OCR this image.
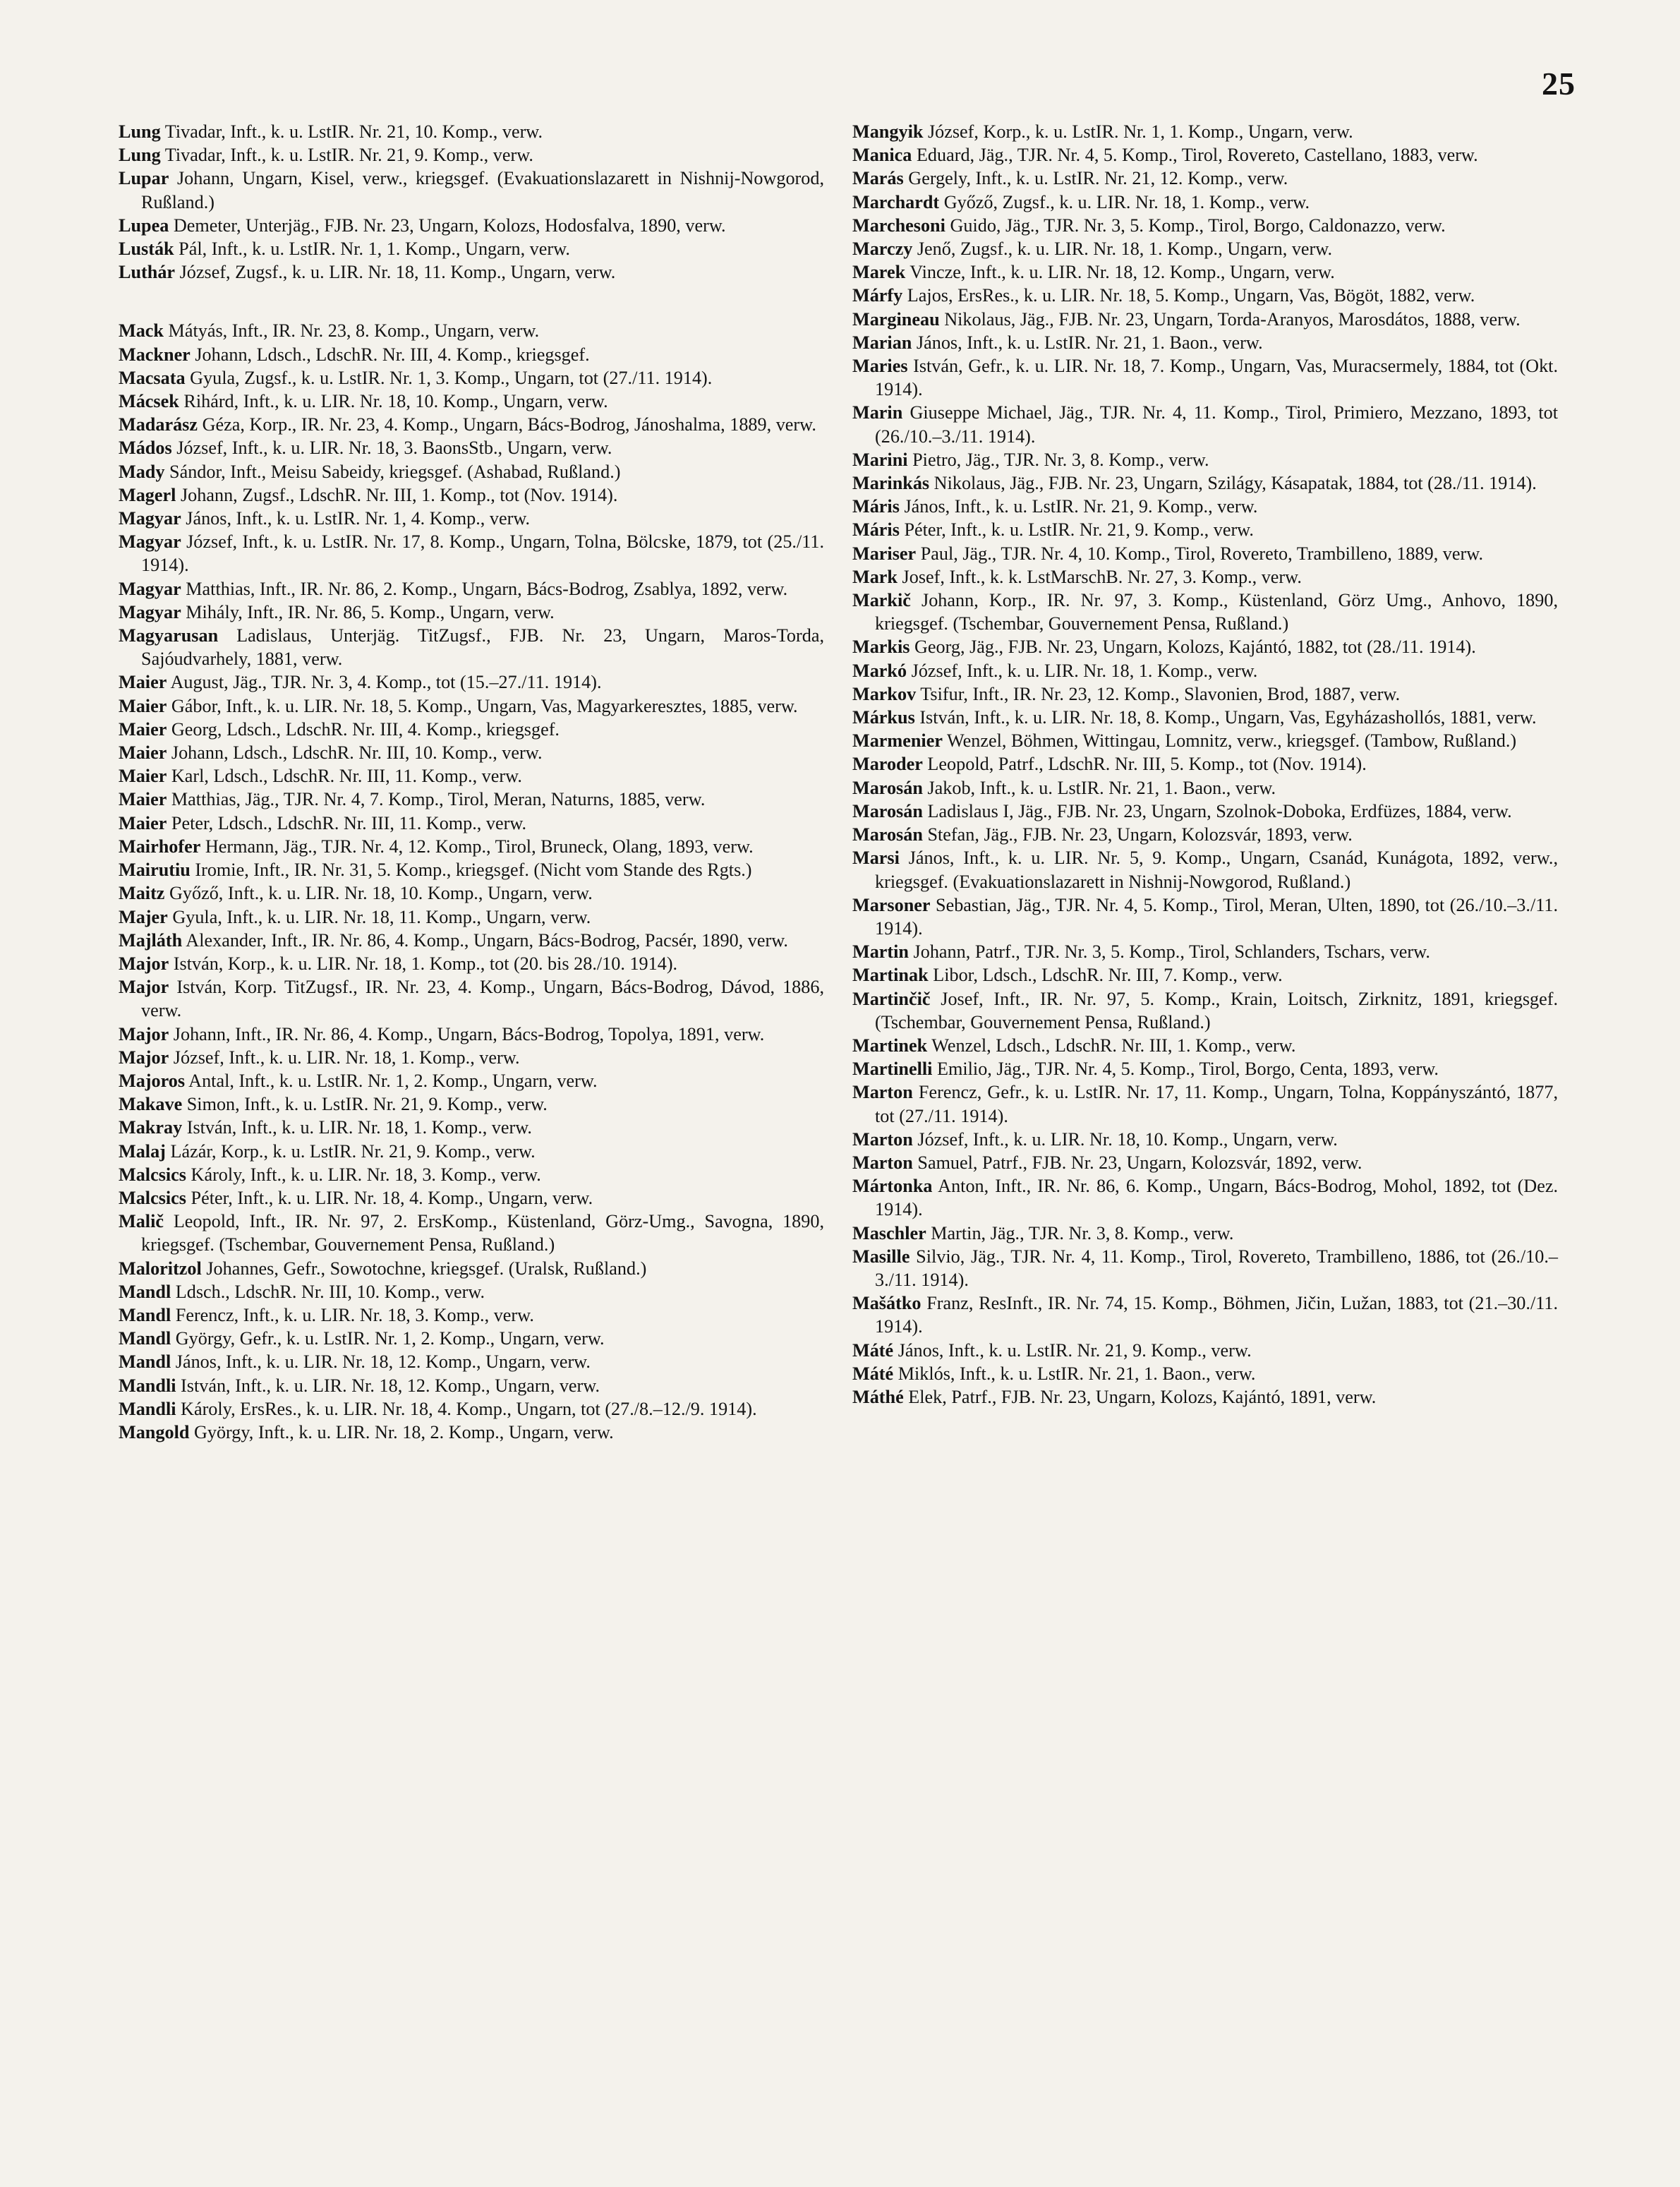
25
Lung Tivadar, Inft., k. u. LstIR. Nr. 21, 10. Komp., verw.
Lung Tivadar, Inft., k. u. LstIR. Nr. 21, 9. Komp., verw.
Lupar Johann, Ungarn, Kisel, verw., kriegsgef. (Evakuationslazarett in Nishnij-Nowgorod, Rußland.)
Lupea Demeter, Unterjäg., FJB. Nr. 23, Ungarn, Kolozs, Hodosfalva, 1890, verw.
Lusták Pál, Inft., k. u. LstIR. Nr. 1, 1. Komp., Ungarn, verw.
Luthár József, Zugsf., k. u. LIR. Nr. 18, 11. Komp., Ungarn, verw.
Mack Mátyás, Inft., IR. Nr. 23, 8. Komp., Ungarn, verw.
Mackner Johann, Ldsch., LdschR. Nr. III, 4. Komp., kriegsgef.
Macsata Gyula, Zugsf., k. u. LstIR. Nr. 1, 3. Komp., Ungarn, tot (27./11. 1914).
Mácsek Rihárd, Inft., k. u. LIR. Nr. 18, 10. Komp., Ungarn, verw.
Madarász Géza, Korp., IR. Nr. 23, 4. Komp., Ungarn, Bács-Bodrog, Jánoshalma, 1889, verw.
Mádos József, Inft., k. u. LIR. Nr. 18, 3. BaonsStb., Ungarn, verw.
Mady Sándor, Inft., Meisu Sabeidy, kriegsgef. (Ashabad, Rußland.)
Magerl Johann, Zugsf., LdschR. Nr. III, 1. Komp., tot (Nov. 1914).
Magyar János, Inft., k. u. LstIR. Nr. 1, 4. Komp., verw.
Magyar József, Inft., k. u. LstIR. Nr. 17, 8. Komp., Ungarn, Tolna, Bölcske, 1879, tot (25./11. 1914).
Magyar Matthias, Inft., IR. Nr. 86, 2. Komp., Ungarn, Bács-Bodrog, Zsablya, 1892, verw.
Magyar Mihály, Inft., IR. Nr. 86, 5. Komp., Ungarn, verw.
Magyarusan Ladislaus, Unterjäg. TitZugsf., FJB. Nr. 23, Ungarn, Maros-Torda, Sajóudvarhely, 1881, verw.
Maier August, Jäg., TJR. Nr. 3, 4. Komp., tot (15.–27./11. 1914).
Maier Gábor, Inft., k. u. LIR. Nr. 18, 5. Komp., Ungarn, Vas, Magyarkeresztes, 1885, verw.
Maier Georg, Ldsch., LdschR. Nr. III, 4. Komp., kriegsgef.
Maier Johann, Ldsch., LdschR. Nr. III, 10. Komp., verw.
Maier Karl, Ldsch., LdschR. Nr. III, 11. Komp., verw.
Maier Matthias, Jäg., TJR. Nr. 4, 7. Komp., Tirol, Meran, Naturns, 1885, verw.
Maier Peter, Ldsch., LdschR. Nr. III, 11. Komp., verw.
Mairhofer Hermann, Jäg., TJR. Nr. 4, 12. Komp., Tirol, Bruneck, Olang, 1893, verw.
Mairutiu Iromie, Inft., IR. Nr. 31, 5. Komp., kriegsgef. (Nicht vom Stande des Rgts.)
Maitz Győző, Inft., k. u. LIR. Nr. 18, 10. Komp., Ungarn, verw.
Majer Gyula, Inft., k. u. LIR. Nr. 18, 11. Komp., Ungarn, verw.
Majláth Alexander, Inft., IR. Nr. 86, 4. Komp., Ungarn, Bács-Bodrog, Pacsér, 1890, verw.
Major István, Korp., k. u. LIR. Nr. 18, 1. Komp., tot (20. bis 28./10. 1914).
Major István, Korp. TitZugsf., IR. Nr. 23, 4. Komp., Ungarn, Bács-Bodrog, Dávod, 1886, verw.
Major Johann, Inft., IR. Nr. 86, 4. Komp., Ungarn, Bács-Bodrog, Topolya, 1891, verw.
Major József, Inft., k. u. LIR. Nr. 18, 1. Komp., verw.
Majoros Antal, Inft., k. u. LstIR. Nr. 1, 2. Komp., Ungarn, verw.
Makave Simon, Inft., k. u. LstIR. Nr. 21, 9. Komp., verw.
Makray István, Inft., k. u. LIR. Nr. 18, 1. Komp., verw.
Malaj Lázár, Korp., k. u. LstIR. Nr. 21, 9. Komp., verw.
Malcsics Károly, Inft., k. u. LIR. Nr. 18, 3. Komp., verw.
Malcsics Péter, Inft., k. u. LIR. Nr. 18, 4. Komp., Ungarn, verw.
Malič Leopold, Inft., IR. Nr. 97, 2. ErsKomp., Küstenland, Görz-Umg., Savogna, 1890, kriegsgef. (Tschembar, Gouvernement Pensa, Rußland.)
Maloritzol Johannes, Gefr., Sowotochne, kriegsgef. (Uralsk, Rußland.)
Mandl Ldsch., LdschR. Nr. III, 10. Komp., verw.
Mandl Ferencz, Inft., k. u. LIR. Nr. 18, 3. Komp., verw.
Mandl György, Gefr., k. u. LstIR. Nr. 1, 2. Komp., Ungarn, verw.
Mandl János, Inft., k. u. LIR. Nr. 18, 12. Komp., Ungarn, verw.
Mandli István, Inft., k. u. LIR. Nr. 18, 12. Komp., Ungarn, verw.
Mandli Károly, ErsRes., k. u. LIR. Nr. 18, 4. Komp., Ungarn, tot (27./8.–12./9. 1914).
Mangold György, Inft., k. u. LIR. Nr. 18, 2. Komp., Ungarn, verw.
Mangyik József, Korp., k. u. LstIR. Nr. 1, 1. Komp., Ungarn, verw.
Manica Eduard, Jäg., TJR. Nr. 4, 5. Komp., Tirol, Rovereto, Castellano, 1883, verw.
Marás Gergely, Inft., k. u. LstIR. Nr. 21, 12. Komp., verw.
Marchardt Győző, Zugsf., k. u. LIR. Nr. 18, 1. Komp., verw.
Marchesoni Guido, Jäg., TJR. Nr. 3, 5. Komp., Tirol, Borgo, Caldonazzo, verw.
Marczy Jenő, Zugsf., k. u. LIR. Nr. 18, 1. Komp., Ungarn, verw.
Marek Vincze, Inft., k. u. LIR. Nr. 18, 12. Komp., Ungarn, verw.
Márfy Lajos, ErsRes., k. u. LIR. Nr. 18, 5. Komp., Ungarn, Vas, Bögöt, 1882, verw.
Margineau Nikolaus, Jäg., FJB. Nr. 23, Ungarn, Torda-Aranyos, Marosdátos, 1888, verw.
Marian János, Inft., k. u. LstIR. Nr. 21, 1. Baon., verw.
Maries István, Gefr., k. u. LIR. Nr. 18, 7. Komp., Ungarn, Vas, Muracsermely, 1884, tot (Okt. 1914).
Marin Giuseppe Michael, Jäg., TJR. Nr. 4, 11. Komp., Tirol, Primiero, Mezzano, 1893, tot (26./10.–3./11. 1914).
Marini Pietro, Jäg., TJR. Nr. 3, 8. Komp., verw.
Marinkás Nikolaus, Jäg., FJB. Nr. 23, Ungarn, Szilágy, Kásapatak, 1884, tot (28./11. 1914).
Máris János, Inft., k. u. LstIR. Nr. 21, 9. Komp., verw.
Máris Péter, Inft., k. u. LstIR. Nr. 21, 9. Komp., verw.
Mariser Paul, Jäg., TJR. Nr. 4, 10. Komp., Tirol, Rovereto, Trambilleno, 1889, verw.
Mark Josef, Inft., k. k. LstMarschB. Nr. 27, 3. Komp., verw.
Markič Johann, Korp., IR. Nr. 97, 3. Komp., Küstenland, Görz Umg., Anhovo, 1890, kriegsgef. (Tschembar, Gouvernement Pensa, Rußland.)
Markis Georg, Jäg., FJB. Nr. 23, Ungarn, Kolozs, Kajántó, 1882, tot (28./11. 1914).
Markó József, Inft., k. u. LIR. Nr. 18, 1. Komp., verw.
Markov Tsifur, Inft., IR. Nr. 23, 12. Komp., Slavonien, Brod, 1887, verw.
Márkus István, Inft., k. u. LIR. Nr. 18, 8. Komp., Ungarn, Vas, Egyházashollós, 1881, verw.
Marmenier Wenzel, Böhmen, Wittingau, Lomnitz, verw., kriegsgef. (Tambow, Rußland.)
Maroder Leopold, Patrf., LdschR. Nr. III, 5. Komp., tot (Nov. 1914).
Marosán Jakob, Inft., k. u. LstIR. Nr. 21, 1. Baon., verw.
Marosán Ladislaus I, Jäg., FJB. Nr. 23, Ungarn, Szolnok-Doboka, Erdfüzes, 1884, verw.
Marosán Stefan, Jäg., FJB. Nr. 23, Ungarn, Kolozsvár, 1893, verw.
Marsi János, Inft., k. u. LIR. Nr. 5, 9. Komp., Ungarn, Csanád, Kunágota, 1892, verw., kriegsgef. (Evakuationslazarett in Nishnij-Nowgorod, Rußland.)
Marsoner Sebastian, Jäg., TJR. Nr. 4, 5. Komp., Tirol, Meran, Ulten, 1890, tot (26./10.–3./11. 1914).
Martin Johann, Patrf., TJR. Nr. 3, 5. Komp., Tirol, Schlanders, Tschars, verw.
Martinak Libor, Ldsch., LdschR. Nr. III, 7. Komp., verw.
Martinčič Josef, Inft., IR. Nr. 97, 5. Komp., Krain, Loitsch, Zirknitz, 1891, kriegsgef. (Tschembar, Gouvernement Pensa, Rußland.)
Martinek Wenzel, Ldsch., LdschR. Nr. III, 1. Komp., verw.
Martinelli Emilio, Jäg., TJR. Nr. 4, 5. Komp., Tirol, Borgo, Centa, 1893, verw.
Marton Ferencz, Gefr., k. u. LstIR. Nr. 17, 11. Komp., Ungarn, Tolna, Koppányszántó, 1877, tot (27./11. 1914).
Marton József, Inft., k. u. LIR. Nr. 18, 10. Komp., Ungarn, verw.
Marton Samuel, Patrf., FJB. Nr. 23, Ungarn, Kolozsvár, 1892, verw.
Mártonka Anton, Inft., IR. Nr. 86, 6. Komp., Ungarn, Bács-Bodrog, Mohol, 1892, tot (Dez. 1914).
Maschler Martin, Jäg., TJR. Nr. 3, 8. Komp., verw.
Masille Silvio, Jäg., TJR. Nr. 4, 11. Komp., Tirol, Rovereto, Trambilleno, 1886, tot (26./10.–3./11. 1914).
Mašátko Franz, ResInft., IR. Nr. 74, 15. Komp., Böhmen, Jičin, Lužan, 1883, tot (21.–30./11. 1914).
Máté János, Inft., k. u. LstIR. Nr. 21, 9. Komp., verw.
Máté Miklós, Inft., k. u. LstIR. Nr. 21, 1. Baon., verw.
Máthé Elek, Patrf., FJB. Nr. 23, Ungarn, Kolozs, Kajántó, 1891, verw.
